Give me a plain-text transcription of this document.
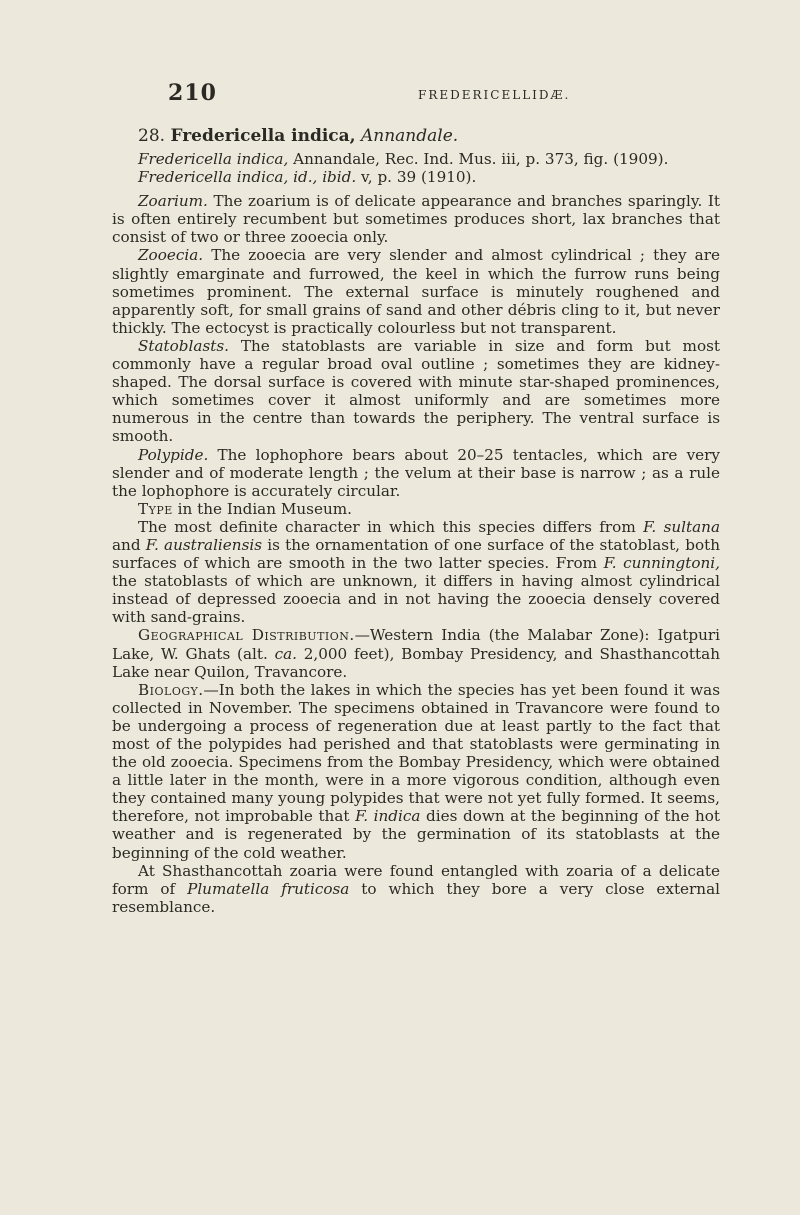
210	FREDERICELLIDÆ.

28. Fredericella indica, Annandale.

Fredericella indica, Annandale, Rec. Ind. Mus. iii, p. 373, fig. (1909).

Fredericella indica, id., ibid. v, p. 39 (1910).

Zoarium. The zoarium is of delicate appearance and branches sparingly. It is often entirely recumbent but sometimes produces short, lax branches that consist of two or three zooecia only.

Zooecia. The zooecia are very slender and almost cylindrical ; they are slightly emarginate and furrowed, the keel in which the furrow runs being sometimes prominent. The external surface is minutely roughened and apparently soft, for small grains of sand and other débris cling to it, but never thickly. The ectocyst is practically colourless but not transparent.

Statoblasts. The statoblasts are variable in size and form but most commonly have a regular broad oval outline ; sometimes they are kidney-shaped. The dorsal surface is covered with minute star-shaped prominences, which sometimes cover it almost uniformly and are sometimes more numerous in the centre than towards the periphery. The ventral surface is smooth.

Polypide. The lophophore bears about 20–25 tentacles, which are very slender and of moderate length ; the velum at their base is narrow ; as a rule the lophophore is accurately circular.

Type in the Indian Museum.

The most definite character in which this species differs from F. sultana and F. australiensis is the ornamentation of one surface of the statoblast, both surfaces of which are smooth in the two latter species. From F. cunningtoni, the statoblasts of which are unknown, it differs in having almost cylindrical instead of depressed zooecia and in not having the zooecia densely covered with sand-grains.

Geographical Distribution.—Western India (the Malabar Zone): Igatpuri Lake, W. Ghats (alt. ca. 2,000 feet), Bombay Presidency, and Shasthancottah Lake near Quilon, Travancore.

Biology.—In both the lakes in which the species has yet been found it was collected in November. The specimens obtained in Travancore were found to be undergoing a process of regeneration due at least partly to the fact that most of the polypides had perished and that statoblasts were germinating in the old zooecia. Specimens from the Bombay Presidency, which were obtained a little later in the month, were in a more vigorous condition, although even they contained many young polypides that were not yet fully formed. It seems, therefore, not improbable that F. indica dies down at the beginning of the hot weather and is regenerated by the germination of its statoblasts at the beginning of the cold weather.

At Shasthancottah zoaria were found entangled with zoaria of a delicate form of Plumatella fruticosa to which they bore a very close external resemblance.
